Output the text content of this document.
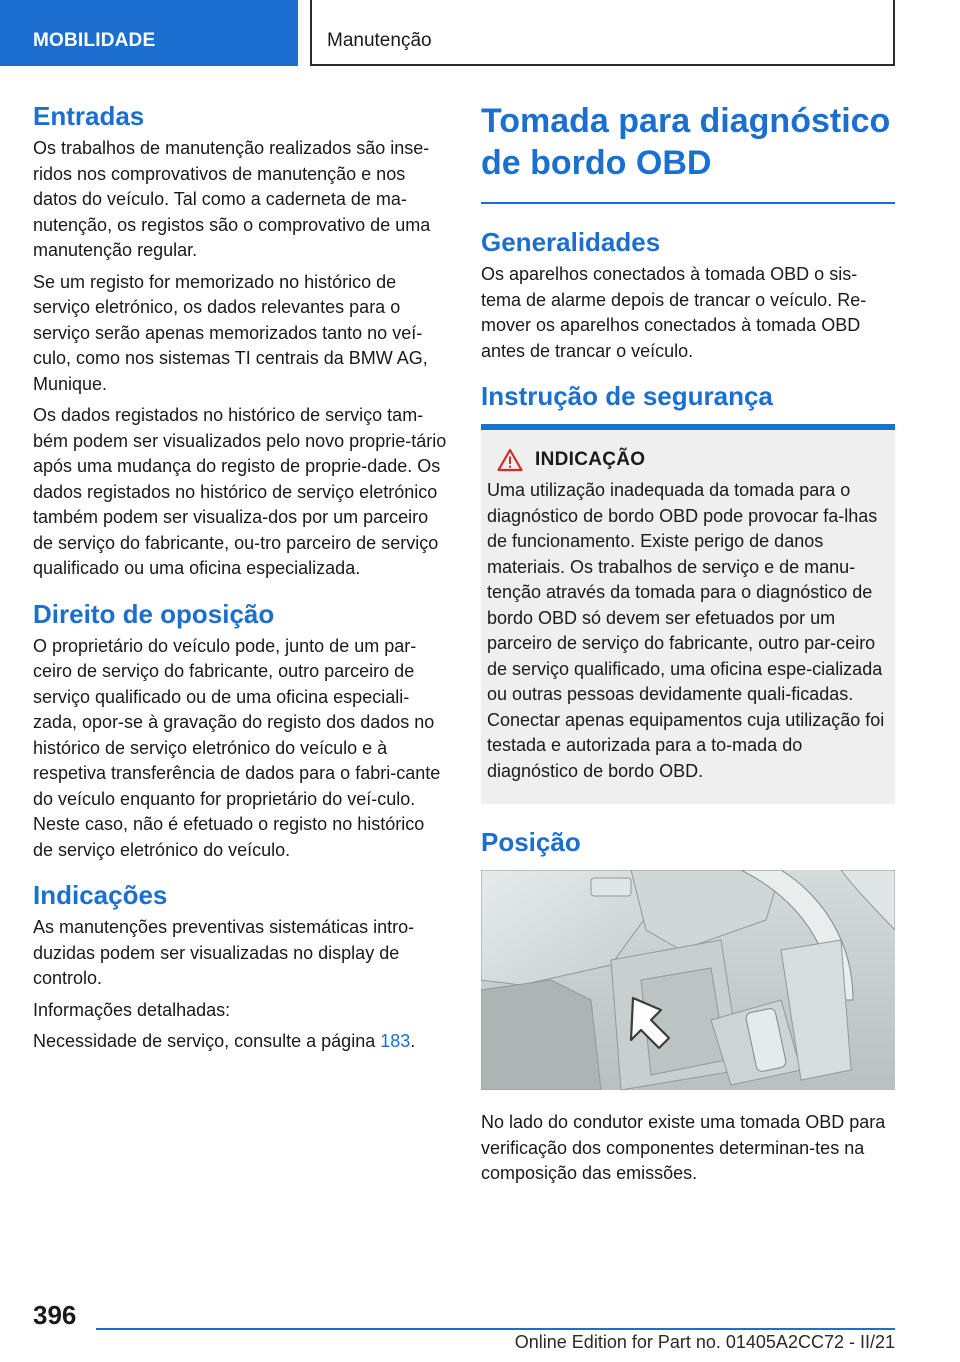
MOBILIDADE	Manutenção
Entradas

Os trabalhos de manutenção realizados são inse-ridos nos comprovativos de manutenção e nos datos do veículo. Tal como a caderneta de ma-nutenção, os registos são o comprovativo de uma manutenção regular.

Se um registo for memorizado no histórico de serviço eletrónico, os dados relevantes para o serviço serão apenas memorizados tanto no veí-culo, como nos sistemas TI centrais da BMW AG, Munique.

Os dados registados no histórico de serviço tam-bém podem ser visualizados pelo novo proprie-tário após uma mudança do registo de proprie-dade. Os dados registados no histórico de serviço eletrónico também podem ser visualiza-dos por um parceiro de serviço do fabricante, ou-tro parceiro de serviço qualificado ou uma oficina especializada.

Direito de oposição

O proprietário do veículo pode, junto de um par-ceiro de serviço do fabricante, outro parceiro de serviço qualificado ou de uma oficina especiali-zada, opor-se à gravação do registo dos dados no histórico de serviço eletrónico do veículo e à respetiva transferência de dados para o fabri-cante do veículo enquanto for proprietário do veí-culo. Neste caso, não é efetuado o registo no histórico de serviço eletrónico do veículo.

Indicações

As manutenções preventivas sistemáticas intro-duzidas podem ser visualizadas no display de controlo.

Informações detalhadas:

Necessidade de serviço, consulte a página 183.

Tomada para diagnóstico de bordo OBD
Generalidades

Os aparelhos conectados à tomada OBD o sis-tema de alarme depois de trancar o veículo. Re-mover os aparelhos conectados à tomada OBD antes de trancar o veículo.

Instrução de segurança
INDICAÇÃO

Uma utilização inadequada da tomada para o diagnóstico de bordo OBD pode provocar fa-lhas de funcionamento. Existe perigo de danos materiais. Os trabalhos de serviço e de manu-tenção através da tomada para o diagnóstico de bordo OBD só devem ser efetuados por um parceiro de serviço do fabricante, outro par-ceiro de serviço qualificado, uma oficina espe-cializada ou outras pessoas devidamente quali-ficadas. Conectar apenas equipamentos cuja utilização foi testada e autorizada para a to-mada do diagnóstico de bordo OBD.

Posição

No lado do condutor existe uma tomada OBD para verificação dos componentes determinan-tes na composição das emissões.

396
Online Edition for Part no. 01405A2CC72 - II/21
